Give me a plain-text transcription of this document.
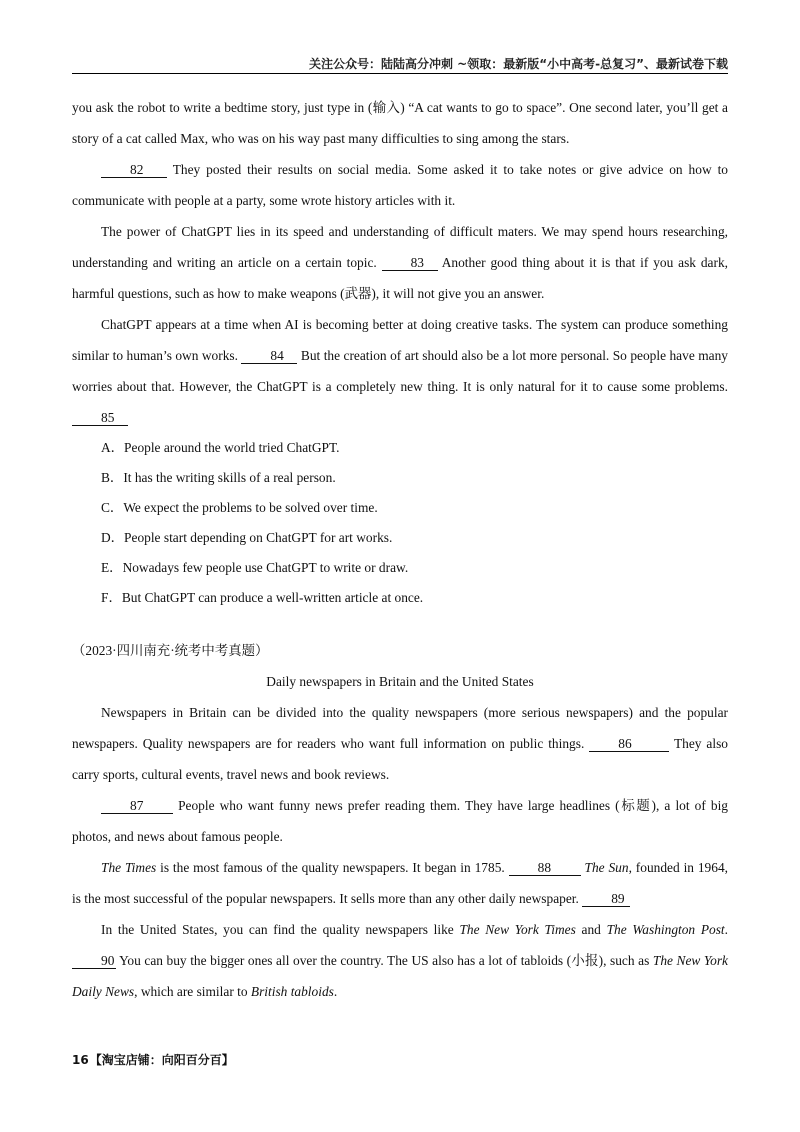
关注公众号：陆陆高分冲刺 ~领取：最新版“小中高考-总复习”、最新试卷下载

you ask the robot to write a bedtime story, just type in (输入) “A cat wants to go to space”. One second later, you’ll get a story of a cat called Max, who was on his way past many difficulties to sing among the stars.

82 They posted their results on social media. Some asked it to take notes or give advice on how to communicate with people at a party, some wrote history articles with it.

The power of ChatGPT lies in its speed and understanding of difficult maters. We may spend hours researching, understanding and writing an article on a certain topic. 83 Another good thing about it is that if you ask dark, harmful questions, such as how to make weapons (武器), it will not give you an answer.

ChatGPT appears at a time when AI is becoming better at doing creative tasks. The system can produce something similar to human’s own works. 84 But the creation of art should also be a lot more personal. So people have many worries about that. However, the ChatGPT is a completely new thing. It is only natural for it to cause some problems. 85

A．People around the world tried ChatGPT.

B．It has the writing skills of a real person.

C．We expect the problems to be solved over time.

D．People start depending on ChatGPT for art works.

E．Nowadays few people use ChatGPT to write or draw.

F．But ChatGPT can produce a well-written article at once.

（2023·四川南充·统考中考真题）

Daily newspapers in Britain and the United States

Newspapers in Britain can be divided into the quality newspapers (more serious newspapers) and the popular newspapers. Quality newspapers are for readers who want full information on public things. 86	They also carry sports, cultural events, travel news and book reviews.

87 People who want funny news prefer reading them. They have large headlines (标题), a lot of big photos, and news about famous people.

The Times is the most famous of the quality newspapers. It began in 1785. 88	The Sun, founded in 1964, is the most successful of the popular newspapers. It sells more than any other daily newspaper. 89

In the United States, you can find the quality newspapers like The New York Times and The Washington Post. 90 You can buy the bigger ones all over the country. The US also has a lot of tabloids (小报), such as The New York Daily News, which are similar to British tabloids.

16【淘宝店铺：向阳百分百】
